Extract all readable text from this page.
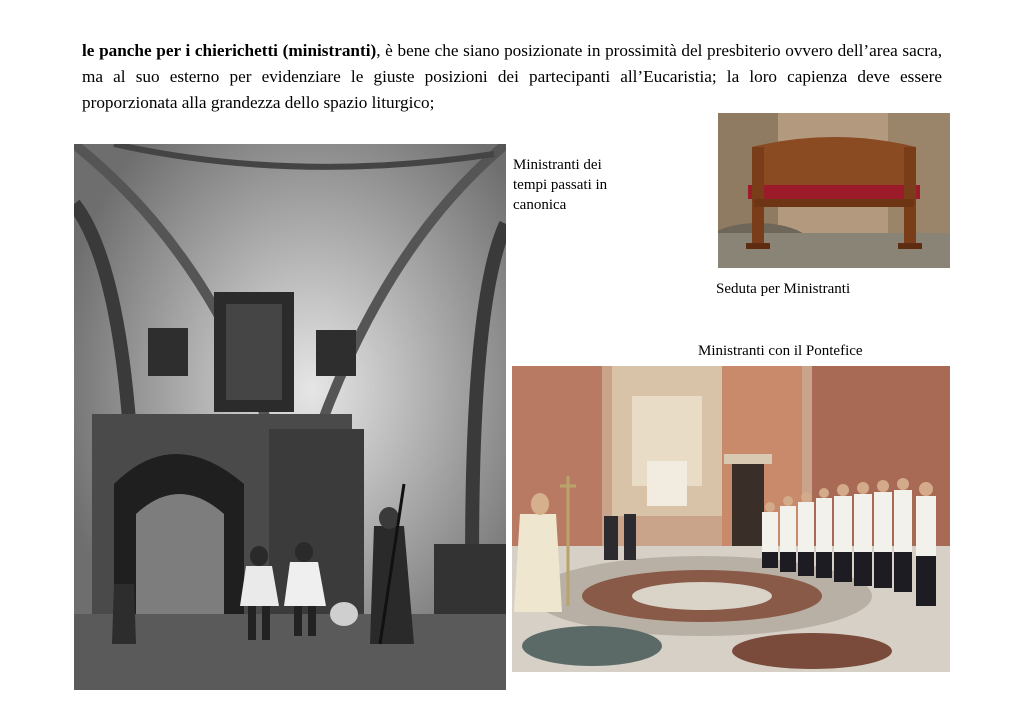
le panche per i chierichetti (ministranti), è bene che siano posizionate in prossimità del presbiterio ovvero dell’area sacra, ma al suo esterno per evidenziare le giuste posizioni dei partecipanti all’Eucaristia; la loro capienza deve essere proporzionata alla grandezza dello spazio liturgico;

Ministranti dei
tempi passati in
canonica
Seduta per Ministranti
Ministranti con il Pontefice
